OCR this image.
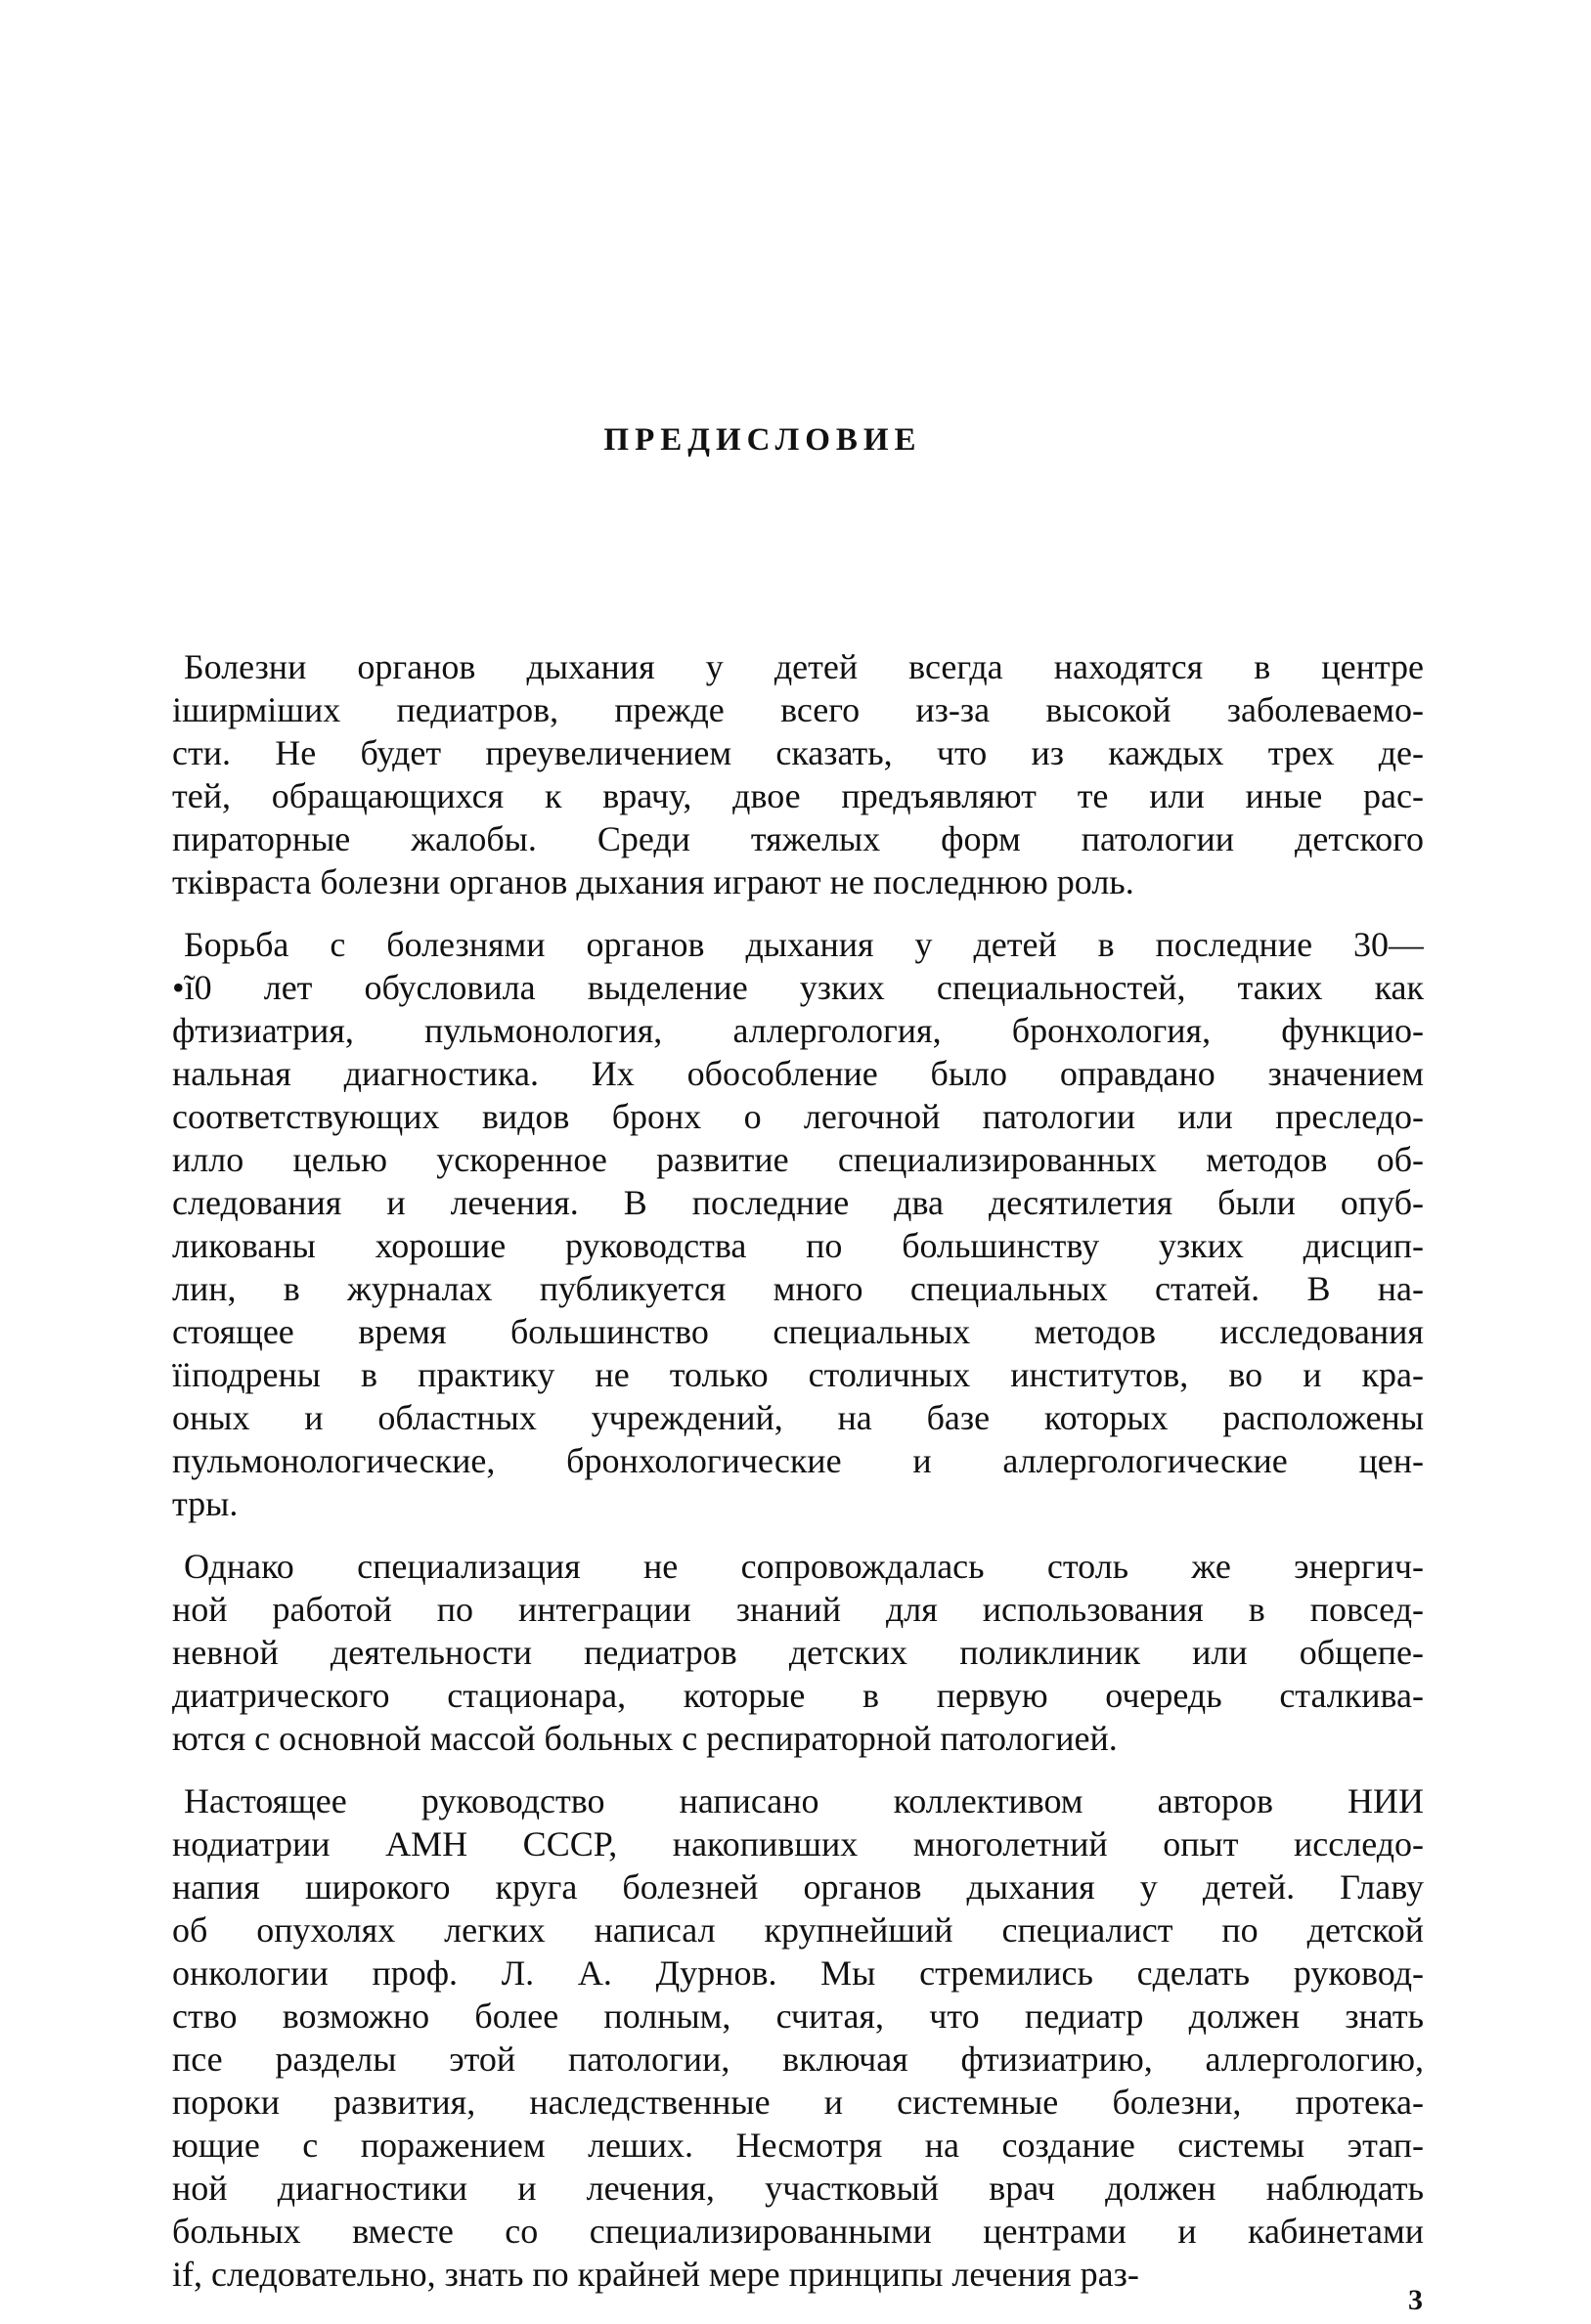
ПРЕДИСЛОВИЕ

Болезни органов дыхания у детей всегда находятся в центре
іширміших педиатров, прежде всего из-за высокой заболеваемо-
сти. Не будет преувеличением сказать, что из каждых трех де-
тей, обращающихся к врачу, двое предъявляют те или иные рас-
пираторные жалобы. Среди тяжелых форм патологии детского
тківраста болезни органов дыхания играют не последнюю роль.

Борьба с болезнями органов дыхания у детей в последние 30—
•ĩ0 лет обусловила выделение узких специальностей, таких как
фтизиатрия, пульмонология, аллергология, бронхология, функцио-
нальная диагностика. Их обособление было оправдано значением
соответствующих видов бронх о легочной патологии или преследо-
илло целью ускоренное развитие специализированных методов об-
следования и лечения. В последние два десятилетия были опуб-
ликованы хорошие руководства по большинству узких дисцип-
лин, в журналах публикуется много специальных статей. В на-
стоящее время большинство специальных методов исследования
їіподрены в практику не только столичных институтов, во и кра-
оных и областных учреждений, на базе которых расположены
пульмонологические, бронхологические и аллергологические цен-
тры.

Однако специализация не сопровождалась столь же энергич-
ной работой по интеграции знаний для использования в повсед-
невной деятельности педиатров детских поликлиник или общепе-
диатрического стационара, которые в первую очередь сталкива-
ются с основной массой больных с респираторной патологией.

Настоящее руководство написано коллективом авторов НИИ
нодиатрии АМН СССР, накопивших многолетний опыт исследо-
напия широкого круга болезней органов дыхания у детей. Главу
об опухолях легких написал крупнейший специалист по детской
онкологии проф. Л. А. Дурнов. Мы стремились сделать руковод-
ство возможно более полным, считая, что педиатр должен знать
псе разделы этой патологии, включая фтизиатрию, аллергологию,
пороки развития, наследственные и системные болезни, протека-
ющие с поражением леших. Несмотря на создание системы этап-
ной диагностики и лечения, участковый врач должен наблюдать
больных вместе со специализированными центрами и кабинетами
if, следовательно, знать по крайней мере принципы лечения раз-

3
